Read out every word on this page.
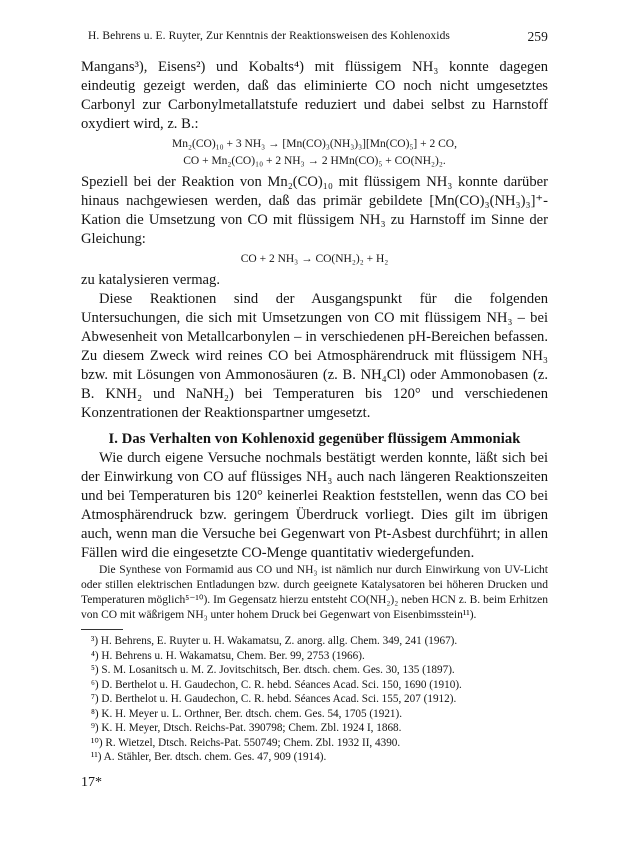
H. Behrens u. E. Ruyter, Zur Kenntnis der Reaktionsweisen des Kohlenoxids	259

Mangans³), Eisens²) und Kobalts⁴) mit flüssigem NH₃ konnte dagegen eindeutig gezeigt werden, daß das eliminierte CO noch nicht umgesetztes Carbonyl zur Carbonylmetallatstufe reduziert und dabei selbst zu Harnstoff oxydiert wird, z. B.:

Mn₂(CO)₁₀ + 3 NH₃ → [Mn(CO)₃(NH₃)₃][Mn(CO)₅] + 2 CO,
CO + Mn₂(CO)₁₀ + 2 NH₃ → 2 HMn(CO)₅ + CO(NH₂)₂.

Speziell bei der Reaktion von Mn₂(CO)₁₀ mit flüssigem NH₃ konnte darüber hinaus nachgewiesen werden, daß das primär gebildete [Mn(CO)₃(NH₃)₃]⁺-Kation die Umsetzung von CO mit flüssigem NH₃ zu Harnstoff im Sinne der Gleichung:

CO + 2 NH₃ → CO(NH₂)₂ + H₂

zu katalysieren vermag.

Diese Reaktionen sind der Ausgangspunkt für die folgenden Untersuchungen, die sich mit Umsetzungen von CO mit flüssigem NH₃ – bei Abwesenheit von Metallcarbonylen – in verschiedenen pH-Bereichen befassen. Zu diesem Zweck wird reines CO bei Atmosphärendruck mit flüssigem NH₃ bzw. mit Lösungen von Ammonosäuren (z. B. NH₄Cl) oder Ammonobasen (z. B. KNH₂ und NaNH₂) bei Temperaturen bis 120° und verschiedenen Konzentrationen der Reaktionspartner umgesetzt.

I. Das Verhalten von Kohlenoxid gegenüber flüssigem Ammoniak

Wie durch eigene Versuche nochmals bestätigt werden konnte, läßt sich bei der Einwirkung von CO auf flüssiges NH₃ auch nach längeren Reaktionszeiten und bei Temperaturen bis 120° keinerlei Reaktion feststellen, wenn das CO bei Atmosphärendruck bzw. geringem Überdruck vorliegt. Dies gilt im übrigen auch, wenn man die Versuche bei Gegenwart von Pt-Asbest durchführt; in allen Fällen wird die eingesetzte CO-Menge quantitativ wiedergefunden.

Die Synthese von Formamid aus CO und NH₃ ist nämlich nur durch Einwirkung von UV-Licht oder stillen elektrischen Entladungen bzw. durch geeignete Katalysatoren bei höheren Drucken und Temperaturen möglich⁵⁻¹⁰). Im Gegensatz hierzu entsteht CO(NH₂)₂ neben HCN z. B. beim Erhitzen von CO mit wäßrigem NH₃ unter hohem Druck bei Gegenwart von Eisenbimsstein¹¹).

³) H. Behrens, E. Ruyter u. H. Wakamatsu, Z. anorg. allg. Chem. 349, 241 (1967).
⁴) H. Behrens u. H. Wakamatsu, Chem. Ber. 99, 2753 (1966).
⁵) S. M. Losanitsch u. M. Z. Jovitschitsch, Ber. dtsch. chem. Ges. 30, 135 (1897).
⁶) D. Berthelot u. H. Gaudechon, C. R. hebd. Séances Acad. Sci. 150, 1690 (1910).
⁷) D. Berthelot u. H. Gaudechon, C. R. hebd. Séances Acad. Sci. 155, 207 (1912).
⁸) K. H. Meyer u. L. Orthner, Ber. dtsch. chem. Ges. 54, 1705 (1921).
⁹) K. H. Meyer, Dtsch. Reichs-Pat. 390798; Chem. Zbl. 1924 I, 1868.
¹⁰) R. Wietzel, Dtsch. Reichs-Pat. 550749; Chem. Zbl. 1932 II, 4390.
¹¹) A. Stähler, Ber. dtsch. chem. Ges. 47, 909 (1914).
17*
